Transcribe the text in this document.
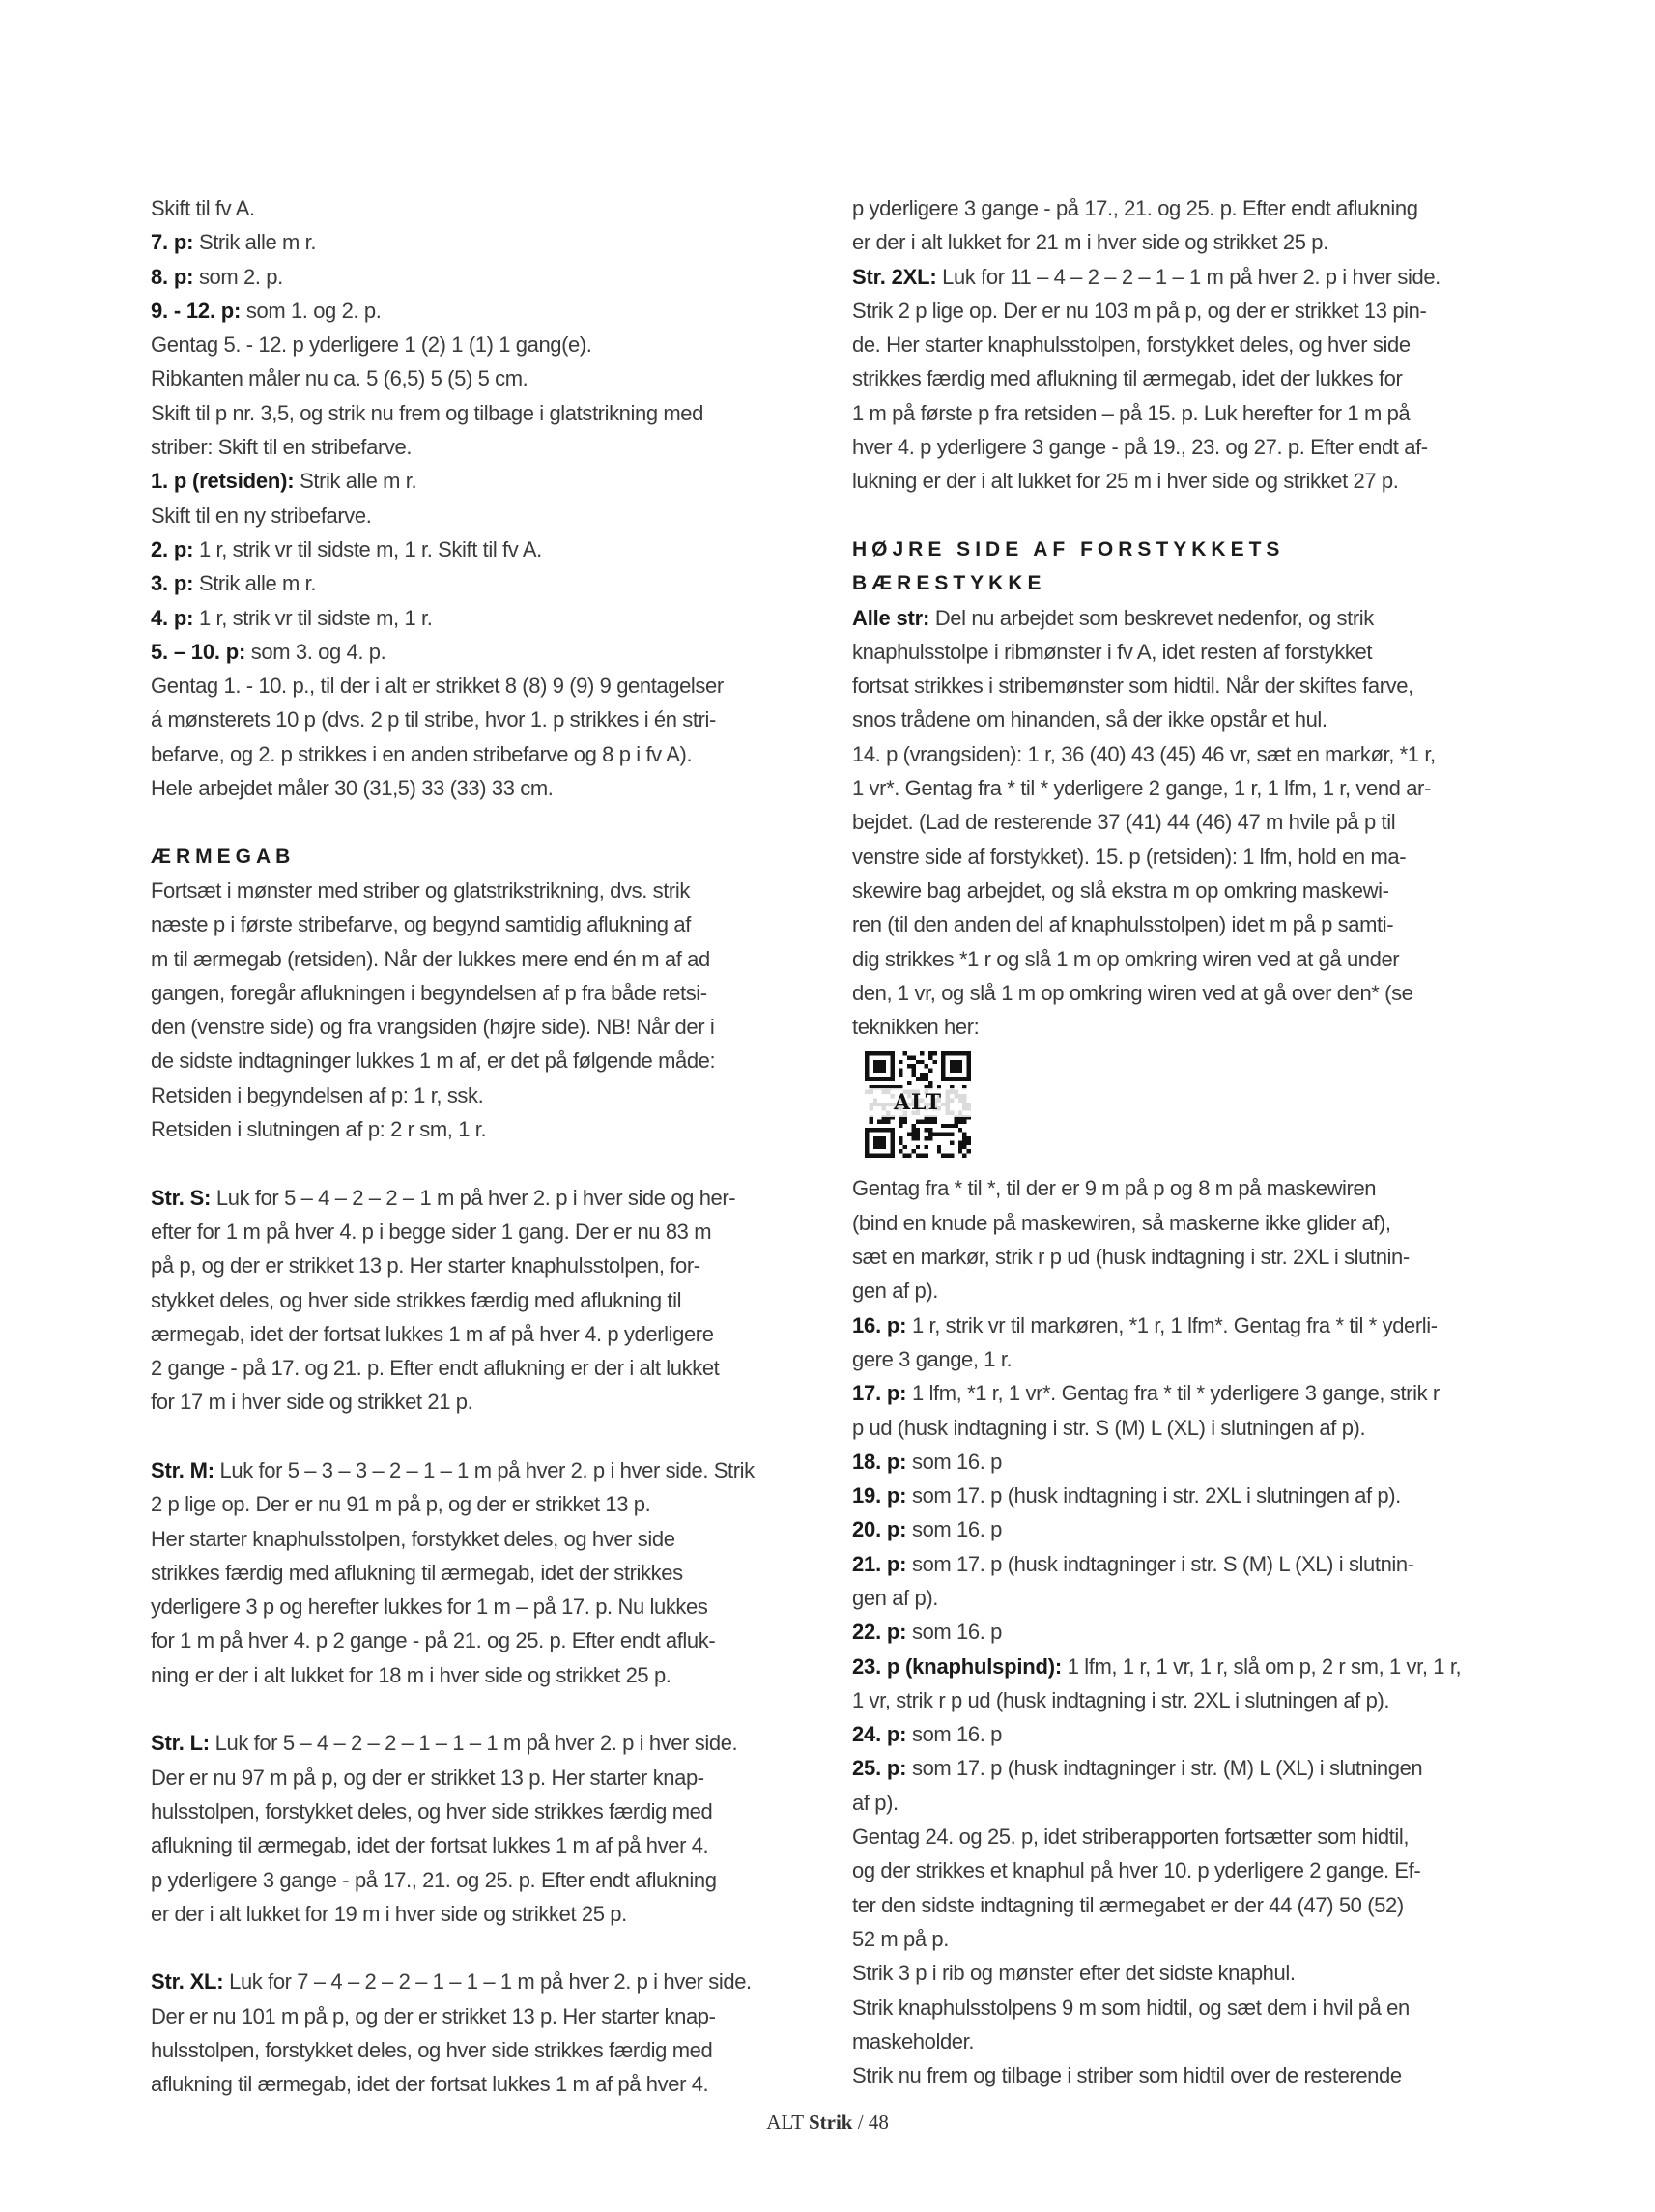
Skift til fv A.

7. p: Strik alle m r.

8. p: som 2. p.

9. - 12. p: som 1. og 2. p.

Gentag 5. - 12. p yderligere 1 (2) 1 (1) 1 gang(e).

Ribkanten måler nu ca. 5 (6,5) 5 (5) 5 cm.

Skift til p nr. 3,5, og strik nu frem og tilbage i glatstrikning med

striber: Skift til en stribefarve.

1. p (retsiden): Strik alle m r.

Skift til en ny stribefarve.

2. p: 1 r, strik vr til sidste m, 1 r. Skift til fv A.

3. p: Strik alle m r.

4. p: 1 r, strik vr til sidste m, 1 r.

5. – 10. p: som 3. og 4. p.

Gentag 1. - 10. p., til der i alt er strikket 8 (8) 9 (9) 9 gentagelser

á mønsterets 10 p (dvs. 2 p til stribe, hvor 1. p strikkes i én stri-

befarve, og 2. p strikkes i en anden stribefarve og 8 p i fv A).

Hele arbejdet måler 30 (31,5) 33 (33) 33 cm.

ÆRMEGAB

Fortsæt i mønster med striber og glatstrikstrikning, dvs. strik

næste p i første stribefarve, og begynd samtidig aflukning af

m til ærmegab (retsiden). Når der lukkes mere end én m af ad

gangen, foregår aflukningen i begyndelsen af p fra både retsi-

den (venstre side) og fra vrangsiden (højre side). NB! Når der i

de sidste indtagninger lukkes 1 m af, er det på følgende måde:

Retsiden i begyndelsen af p: 1 r, ssk.

Retsiden i slutningen af p: 2 r sm, 1 r.

Str. S: Luk for 5 – 4 – 2 – 2 – 1 m på hver 2. p i hver side og her-

efter for 1 m på hver 4. p i begge sider 1 gang. Der er nu 83 m

på p, og der er strikket 13 p. Her starter knaphulsstolpen, for-

stykket deles, og hver side strikkes færdig med aflukning til

ærmegab, idet der fortsat lukkes 1 m af på hver 4. p yderligere

2 gange - på 17. og 21. p. Efter endt aflukning er der i alt lukket

for 17 m i hver side og strikket 21 p.

Str. M: Luk for 5 – 3 – 3 – 2 – 1 – 1 m på hver 2. p i hver side. Strik

2 p lige op. Der er nu 91 m på p, og der er strikket 13 p.

Her starter knaphulsstolpen, forstykket deles, og hver side

strikkes færdig med aflukning til ærmegab, idet der strikkes

yderligere 3 p og herefter lukkes for 1 m – på 17. p. Nu lukkes

for 1 m på hver 4. p 2 gange - på 21. og 25. p. Efter endt afluk-

ning er der i alt lukket for 18 m i hver side og strikket 25 p.

Str. L: Luk for 5 – 4 – 2 – 2 – 1 – 1 – 1 m på hver 2. p i hver side.

Der er nu 97 m på p, og der er strikket 13 p. Her starter knap-

hulsstolpen, forstykket deles, og hver side strikkes færdig med

aflukning til ærmegab, idet der fortsat lukkes 1 m af på hver 4.

p yderligere 3 gange - på 17., 21. og 25. p. Efter endt aflukning

er der i alt lukket for 19 m i hver side og strikket 25 p.

Str. XL: Luk for 7 – 4 – 2 – 2 – 1 – 1 – 1 m på hver 2. p i hver side.

Der er nu 101 m på p, og der er strikket 13 p. Her starter knap-

hulsstolpen, forstykket deles, og hver side strikkes færdig med

aflukning til ærmegab, idet der fortsat lukkes 1 m af på hver 4.

p yderligere 3 gange - på 17., 21. og 25. p. Efter endt aflukning

er der i alt lukket for 21 m i hver side og strikket 25 p.

Str. 2XL: Luk for 11 – 4 – 2 – 2 – 1 – 1 m på hver 2. p i hver side.

Strik 2 p lige op. Der er nu 103 m på p, og der er strikket 13 pin-

de. Her starter knaphulsstolpen, forstykket deles, og hver side

strikkes færdig med aflukning til ærmegab, idet der lukkes for

1 m på første p fra retsiden – på 15. p. Luk herefter for 1 m på

hver 4. p yderligere 3 gange - på 19., 23. og 27. p. Efter endt af-

lukning er der i alt lukket for 25 m i hver side og strikket 27 p.

HØJRE SIDE AF FORSTYKKETS

BÆRESTYKKE

Alle str: Del nu arbejdet som beskrevet nedenfor, og strik

knaphulsstolpe i ribmønster i fv A, idet resten af forstykket

fortsat strikkes i stribemønster som hidtil. Når der skiftes farve,

snos trådene om hinanden, så der ikke opstår et hul.

14. p (vrangsiden): 1 r, 36 (40) 43 (45) 46 vr, sæt en markør, *1 r,

1 vr*. Gentag fra * til * yderligere 2 gange, 1 r, 1 lfm, 1 r, vend ar-

bejdet. (Lad de resterende 37 (41) 44 (46) 47 m hvile på p til

venstre side af forstykket). 15. p (retsiden): 1 lfm, hold en ma-

skewire bag arbejdet, og slå ekstra m op omkring maskewi-

ren (til den anden del af knaphulsstolpen) idet m på p samti-

dig strikkes *1 r og slå 1 m op omkring wiren ved at gå under

den, 1 vr, og slå 1 m op omkring wiren ved at gå over den* (se

teknikken her:

ALT

Gentag fra * til *, til der er 9 m på p og 8 m på maskewiren

(bind en knude på maskewiren, så maskerne ikke glider af),

sæt en markør, strik r p ud (husk indtagning i str. 2XL i slutnin-

gen af p).

16. p: 1 r, strik vr til markøren, *1 r, 1 lfm*. Gentag fra * til * yderli-

gere 3 gange, 1 r.

17. p: 1 lfm, *1 r, 1 vr*. Gentag fra * til * yderligere 3 gange, strik r

p ud (husk indtagning i str. S (M) L (XL) i slutningen af p).

18. p: som 16. p

19. p: som 17. p (husk indtagning i str. 2XL i slutningen af p).

20. p: som 16. p

21. p: som 17. p (husk indtagninger i str. S (M) L (XL) i slutnin-

gen af p).

22. p: som 16. p

23. p (knaphulspind): 1 lfm, 1 r, 1 vr, 1 r, slå om p, 2 r sm, 1 vr, 1 r,

1 vr, strik r p ud (husk indtagning i str. 2XL i slutningen af p).

24. p: som 16. p

25. p: som 17. p (husk indtagninger i str. (M) L (XL) i slutningen

af p).

Gentag 24. og 25. p, idet striberapporten fortsætter som hidtil,

og der strikkes et knaphul på hver 10. p yderligere 2 gange. Ef-

ter den sidste indtagning til ærmegabet er der 44 (47) 50 (52)

52 m på p.

Strik 3 p i rib og mønster efter det sidste knaphul.

Strik knaphulsstolpens 9 m som hidtil, og sæt dem i hvil på en

maskeholder.

Strik nu frem og tilbage i striber som hidtil over de resterende

ALT Strik / 48
